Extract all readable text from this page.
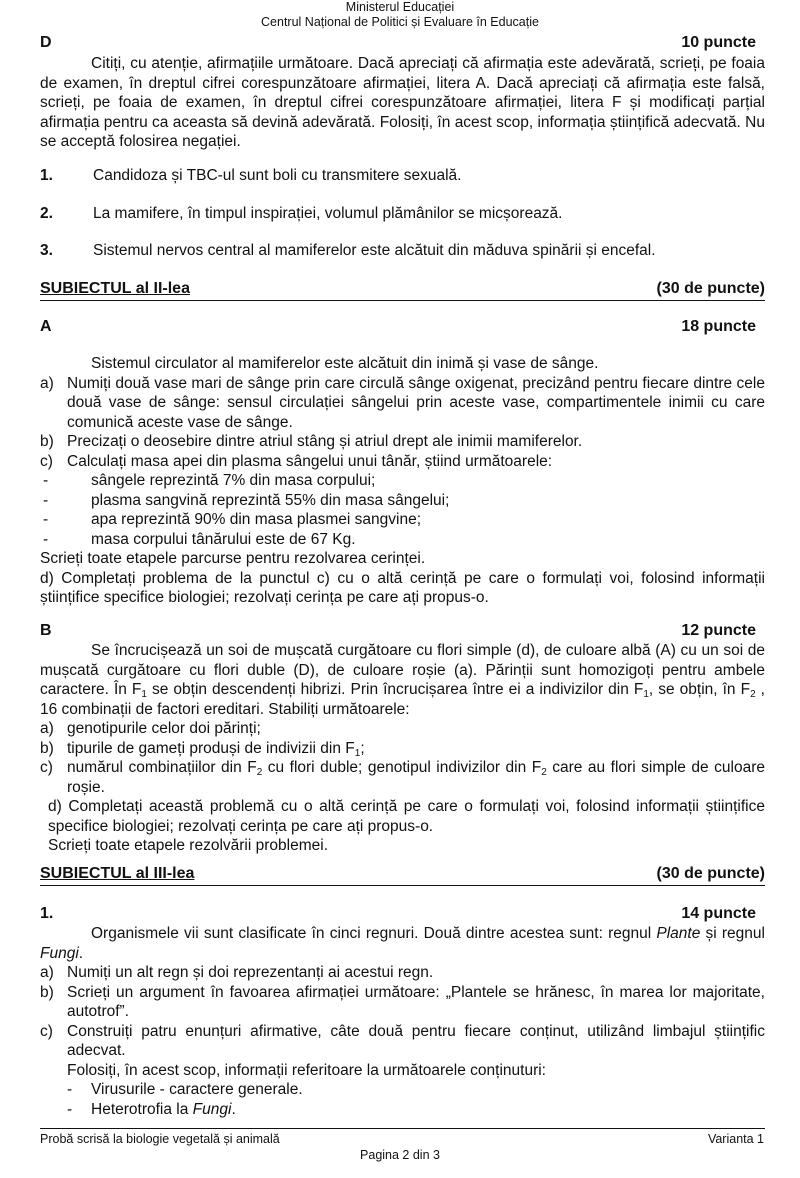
Ministerul Educației
Centrul Național de Politici și Evaluare în Educație
D	10 puncte

Citiți, cu atenție, afirmațiile următoare. Dacă apreciați că afirmația este adevărată, scrieți, pe foaia de examen, în dreptul cifrei corespunzătoare afirmației, litera A. Dacă apreciați că afirmația este falsă, scrieți, pe foaia de examen, în dreptul cifrei corespunzătoare afirmației, litera F și modificați parțial afirmația pentru ca aceasta să devină adevărată. Folosiți, în acest scop, informația științifică adecvată. Nu se acceptă folosirea negației.

1.	Candidoza și TBC-ul sunt boli cu transmitere sexuală.
2.	La mamifere, în timpul inspirației, volumul plămânilor se micșorează.
3.	Sistemul nervos central al mamiferelor este alcătuit din măduva spinării și encefal.
SUBIECTUL al II-lea	(30 de puncte)
A	18 puncte

Sistemul circulator al mamiferelor este alcătuit din inimă și vase de sânge.

a) Numiți două vase mari de sânge prin care circulă sânge oxigenat, precizând pentru fiecare dintre cele două vase de sânge: sensul circulației sângelui prin aceste vase, compartimentele inimii cu care comunică aceste vase de sânge.
b) Precizați o deosebire dintre atriul stâng și atriul drept ale inimii mamiferelor.
c) Calculați masa apei din plasma sângelui unui tânăr, știind următoarele:
-	sângele reprezintă 7% din masa corpului;
-	plasma sangvină reprezintă 55% din masa sângelui;
-	apa reprezintă 90% din masa plasmei sangvine;
-	masa corpului tânărului este de 67 Kg.

Scrieți toate etapele parcurse pentru rezolvarea cerinței.

d) Completați problema de la punctul c) cu o altă cerință pe care o formulați voi, folosind informații științifice specifice biologiei; rezolvați cerința pe care ați propus-o.

B	12 puncte

Se încrucișează un soi de mușcată curgătoare cu flori simple (d), de culoare albă (A) cu un soi de mușcată curgătoare cu flori duble (D), de culoare roșie (a). Părinții sunt homozigoți pentru ambele caractere. În $F_1$ se obțin descendenți hibrizi. Prin încrucișarea între ei a indivizilor din $F_1$, se obțin, în $F_2$ , 16 combinații de factori ereditari. Stabiliți următoarele:

a) genotipurile celor doi părinți;
b) tipurile de gameți produși de indivizii din $F_1$;
c) numărul combinațiilor din $F_2$ cu flori duble; genotipul indivizilor din $F_2$ care au flori simple de culoare roșie.

d) Completați această problemă cu o altă cerință pe care o formulați voi, folosind informații științifice specifice biologiei; rezolvați cerința pe care ați propus-o.

Scrieți toate etapele rezolvării problemei.

SUBIECTUL al III-lea	(30 de puncte)
1.	14 puncte

Organismele vii sunt clasificate în cinci regnuri. Două dintre acestea sunt: regnul Plante și regnul Fungi.

a) Numiți un alt regn și doi reprezentanți ai acestui regn.
b) Scrieți un argument în favoarea afirmației următoare: „Plantele se hrănesc, în marea lor majoritate, autotrof”.
c) Construiți patru enunțuri afirmative, câte două pentru fiecare conținut, utilizând limbajul științific adecvat.

Folosiți, în acest scop, informații referitoare la următoarele conținuturi:

- Virusurile - caractere generale.
- Heterotrofia la Fungi.
Probă scrisă la biologie vegetală și animală	Varianta 1
Pagina 2 din 3
